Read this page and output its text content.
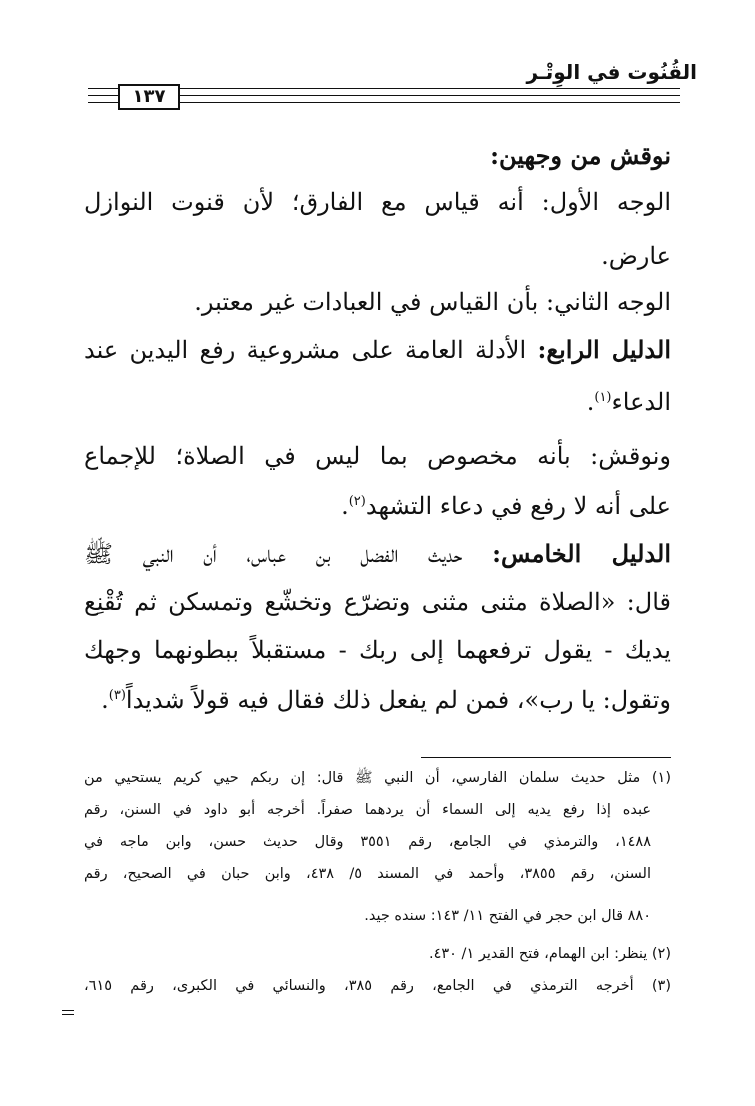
القُنُوت في الوِتْـر
١٣٧
نوقش من وجهين:
الوجه الأول: أنه قياس مع الفارق؛ لأن قنوت النوازل
عارض.
الوجه الثاني: بأن القياس في العبادات غير معتبر.
الدليل الرابع: الأدلة العامة على مشروعية رفع اليدين عند
الدعاء$^{(١)}$.
ونوقش: بأنه مخصوص بما ليس في الصلاة؛ للإجماع
على أنه لا رفع في دعاء التشهد$^{(٢)}$.
الدليل الخامس: حديث الفضل بن عباس، أن النبي ﷺ
قال: «الصلاة مثنى مثنى وتضرّع وتخشّع وتمسكن ثم تُقْنِع
يديك - يقول ترفعهما إلى ربك - مستقبلاً ببطونهما وجهك
وتقول: يا رب»، فمن لم يفعل ذلك فقال فيه قولاً شديداً$^{(٣)}$.
(١) مثل حديث سلمان الفارسي، أن النبي ﷺ قال: إن ربكم حيي كريم يستحيي من
عبده إذا رفع يديه إلى السماء أن يردهما صفراً. أخرجه أبو داود في السنن، رقم
١٤٨٨، والترمذي في الجامع، رقم ٣٥٥١ وقال حديث حسن، وابن ماجه في
السنن، رقم ٣٨٥٥، وأحمد في المسند ٥/ ٤٣٨، وابن حبان في الصحيح، رقم
٨٨٠ قال ابن حجر في الفتح ١١/ ١٤٣: سنده جيد.
(٢) ينظر: ابن الهمام، فتح القدير ١/ ٤٣٠.
(٣) أخرجه الترمذي في الجامع، رقم ٣٨٥، والنسائي في الكبرى، رقم ٦١٥،
